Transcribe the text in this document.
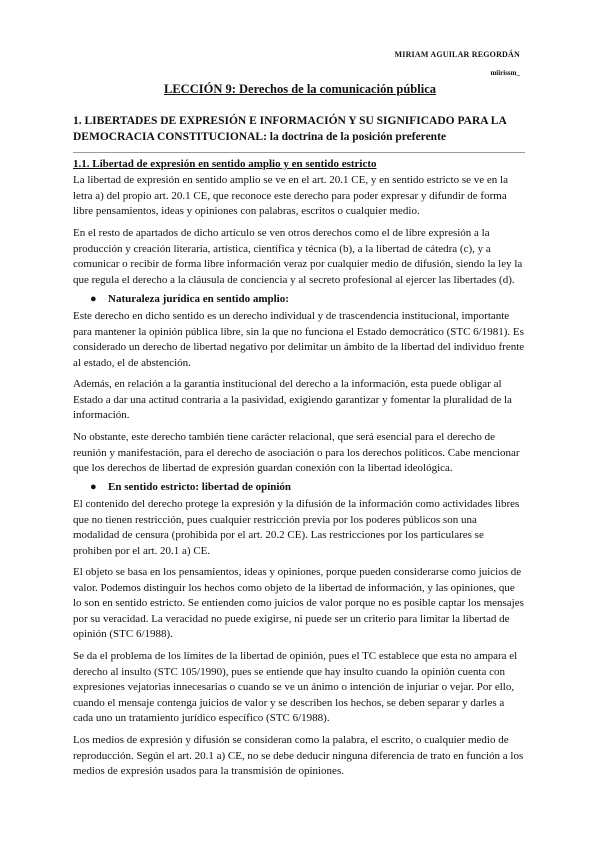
MIRIAM AGUILAR REGORDÁN
miirissm_
LECCIÓN 9: Derechos de la comunicación pública
1. LIBERTADES DE EXPRESIÓN E INFORMACIÓN Y SU SIGNIFICADO PARA LA
DEMOCRACIA CONSTITUCIONAL: la doctrina de la posición preferente
1.1. Libertad de expresión en sentido amplio y en sentido estricto
La libertad de expresión en sentido amplio se ve en el art. 20.1 CE, y en sentido estricto se ve en la
letra a) del propio art. 20.1 CE, que reconoce este derecho para poder expresar y difundir de forma
libre pensamientos, ideas y opiniones con palabras, escritos o cualquier medio.
En el resto de apartados de dicho artículo se ven otros derechos como el de libre expresión a la
producción y creación literaria, artística, científica y técnica (b), a la libertad de cátedra (c), y a
comunicar o recibir de forma libre información veraz por cualquier medio de difusión, siendo la ley la
que regula el derecho a la cláusula de conciencia y al secreto profesional al ejercer las libertades (d).
● Naturaleza jurídica en sentido amplio:
Este derecho en dicho sentido es un derecho individual y de trascendencia institucional, importante
para mantener la opinión pública libre, sin la que no funciona el Estado democrático (STC 6/1981). Es
considerado un derecho de libertad negativo por delimitar un ámbito de la libertad del individuo frente
al estado, el de abstención.
Además, en relación a la garantía institucional del derecho a la información, esta puede obligar al
Estado a dar una actitud contraria a la pasividad, exigiendo garantizar y fomentar la pluralidad de la
información.
No obstante, este derecho también tiene carácter relacional, que será esencial para el derecho de
reunión y manifestación, para el derecho de asociación o para los derechos políticos. Cabe mencionar
que los derechos de libertad de expresión guardan conexión con la libertad ideológica.
● En sentido estricto: libertad de opinión
El contenido del derecho protege la expresión y la difusión de la información como actividades libres
que no tienen restricción, pues cualquier restricción previa por los poderes públicos son una
modalidad de censura (prohibida por el art. 20.2 CE). Las restricciones por los particulares se
prohiben por el art. 20.1 a) CE.
El objeto se basa en los pensamientos, ideas y opiniones, porque pueden considerarse como juicios de
valor. Podemos distinguir los hechos como objeto de la libertad de información, y las opiniones, que
lo son en sentido estricto. Se entienden como juicios de valor porque no es posible captar los mensajes
por su veracidad. La veracidad no puede exigirse, ni puede ser un criterio para limitar la libertad de
opinión (STC 6/1988).
Se da el problema de los límites de la libertad de opinión, pues el TC establece que esta no ampara el
derecho al insulto (STC 105/1990), pues se entiende que hay insulto cuando la opinión cuenta con
expresiones vejatorias innecesarias o cuando se ve un ánimo o intención de injuriar o vejar. Por ello,
cuando el mensaje contenga juicios de valor y se describen los hechos, se deben separar y darles a
cada uno un tratamiento jurídico específico (STC 6/1988).
Los medios de expresión y difusión se consideran como la palabra, el escrito, o cualquier medio de
reproducción. Según el art. 20.1 a) CE, no se debe deducir ninguna diferencia de trato en función a los
medios de expresión usados para la transmisión de opiniones.
